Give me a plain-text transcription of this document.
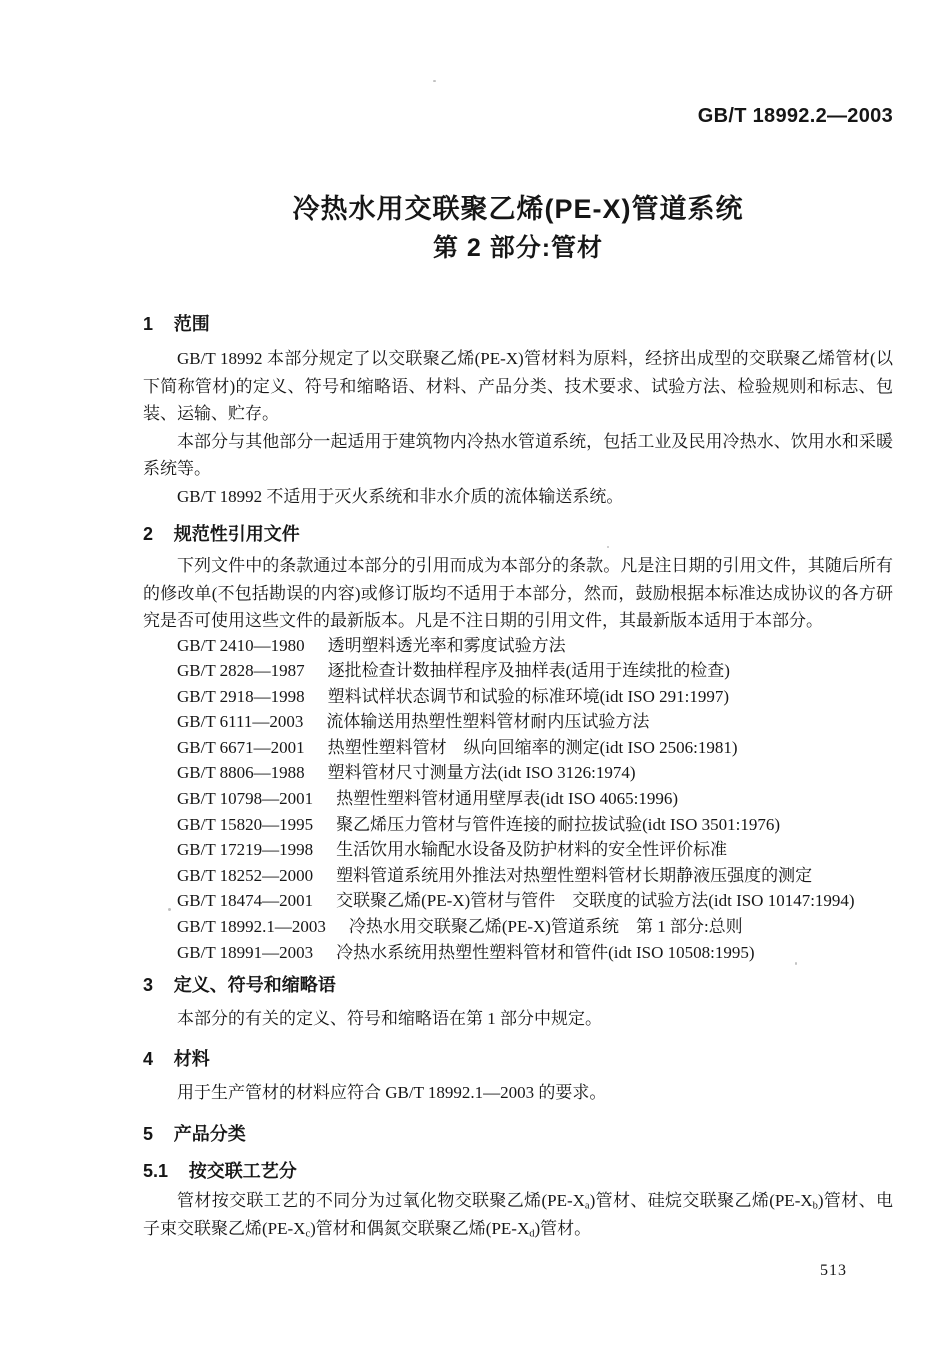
GB/T 18992.2—2003
冷热水用交联聚乙烯(PE-X)管道系统
第 2 部分:管材
1 范围

GB/T 18992 本部分规定了以交联聚乙烯(PE-X)管材料为原料，经挤出成型的交联聚乙烯管材(以下简称管材)的定义、符号和缩略语、材料、产品分类、技术要求、试验方法、检验规则和标志、包装、运输、贮存。

本部分与其他部分一起适用于建筑物内冷热水管道系统，包括工业及民用冷热水、饮用水和采暖系统等。

GB/T 18992 不适用于灭火系统和非水介质的流体输送系统。

2 规范性引用文件

下列文件中的条款通过本部分的引用而成为本部分的条款。凡是注日期的引用文件，其随后所有的修改单(不包括勘误的内容)或修订版均不适用于本部分，然而，鼓励根据本标准达成协议的各方研究是否可使用这些文件的最新版本。凡是不注日期的引用文件，其最新版本适用于本部分。

GB/T 2410—1980 透明塑料透光率和雾度试验方法
GB/T 2828—1987 逐批检查计数抽样程序及抽样表(适用于连续批的检查)
GB/T 2918—1998 塑料试样状态调节和试验的标准环境(idt ISO 291:1997)
GB/T 6111—2003 流体输送用热塑性塑料管材耐内压试验方法
GB/T 6671—2001 热塑性塑料管材　纵向回缩率的测定(idt ISO 2506:1981)
GB/T 8806—1988 塑料管材尺寸测量方法(idt ISO 3126:1974)
GB/T 10798—2001 热塑性塑料管材通用壁厚表(idt ISO 4065:1996)
GB/T 15820—1995 聚乙烯压力管材与管件连接的耐拉拔试验(idt ISO 3501:1976)
GB/T 17219—1998 生活饮用水输配水设备及防护材料的安全性评价标准
GB/T 18252—2000 塑料管道系统用外推法对热塑性塑料管材长期静液压强度的测定
GB/T 18474—2001 交联聚乙烯(PE-X)管材与管件　交联度的试验方法(idt ISO 10147:1994)
GB/T 18992.1—2003 冷热水用交联聚乙烯(PE-X)管道系统　第 1 部分:总则
GB/T 18991—2003 冷热水系统用热塑性塑料管材和管件(idt ISO 10508:1995)
3 定义、符号和缩略语

本部分的有关的定义、符号和缩略语在第 1 部分中规定。

4 材料

用于生产管材的材料应符合 GB/T 18992.1—2003 的要求。

5 产品分类
5.1 按交联工艺分

管材按交联工艺的不同分为过氧化物交联聚乙烯$(PE-X_a)$管材、硅烷交联聚乙烯$(PE-X_b)$管材、电子束交联聚乙烯$(PE-X_c)$管材和偶氮交联聚乙烯$(PE-X_d)$管材。

513
